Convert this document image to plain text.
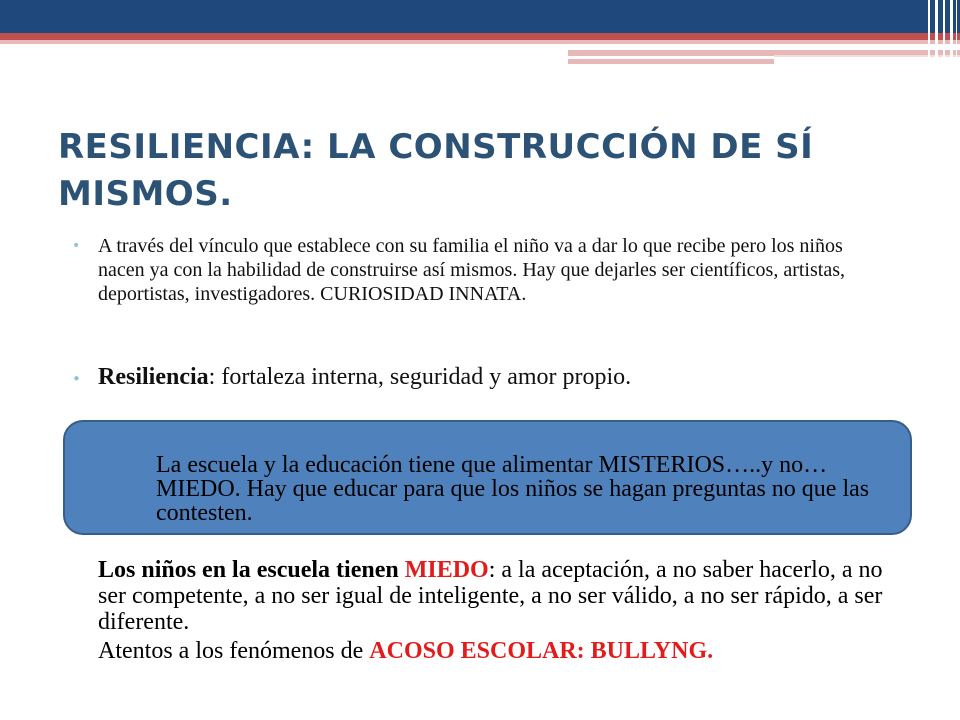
RESILIENCIA: LA CONSTRUCCIÓN DE SÍ MISMOS.

• A través del vínculo que establece con su familia el niño va a dar lo que recibe pero los niños nacen ya con la habilidad de construirse así mismos. Hay que dejarles ser científicos, artistas, deportistas, investigadores. CURIOSIDAD INNATA.

• Resiliencia: fortaleza interna, seguridad y amor propio.

La escuela y la educación tiene que alimentar MISTERIOS…..y no…MIEDO. Hay que educar para que los niños se hagan preguntas no que las contesten.

Los niños en la escuela tienen MIEDO: a la aceptación, a no saber hacerlo, a no ser competente, a no ser igual de inteligente, a no ser válido, a no ser rápido, a ser diferente.

Atentos a los fenómenos de ACOSO ESCOLAR: BULLYNG.
